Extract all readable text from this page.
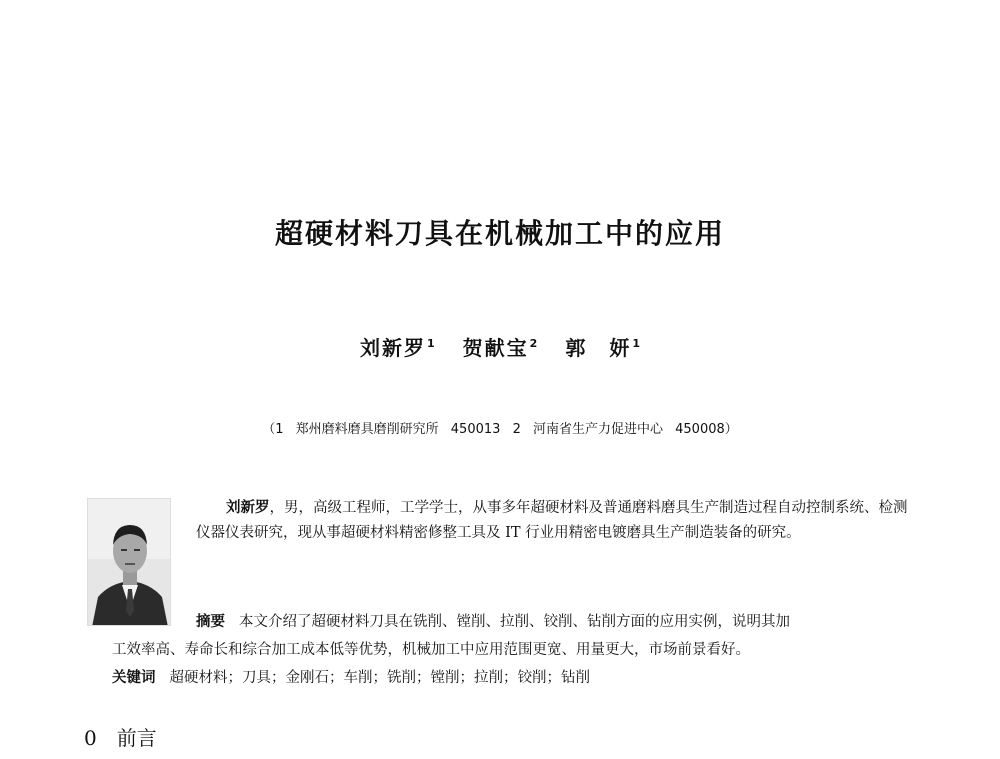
超硬材料刀具在机械加工中的应用
刘新罗$^1$ 贺献宝$^2$ 郭　妍$^1$
（1 郑州磨料磨具磨削研究所 450013 2 河南省生产力促进中心 450008）
刘新罗，男，高级工程师，工学学士，从事多年超硬材料及普通磨料磨具生产制造过程自动控制系统、检测仪器仪表研究，现从事超硬材料精密修整工具及 IT 行业用精密电镀磨具生产制造装备的研究。
摘要 本文介绍了超硬材料刀具在铣削、镗削、拉削、铰削、钻削方面的应用实例，说明其加
工效率高、寿命长和综合加工成本低等优势，机械加工中应用范围更宽、用量更大，市场前景看好。
关键词 超硬材料；刀具；金刚石；车削；铣削；镗削；拉削；铰削；钻削
0 前言
